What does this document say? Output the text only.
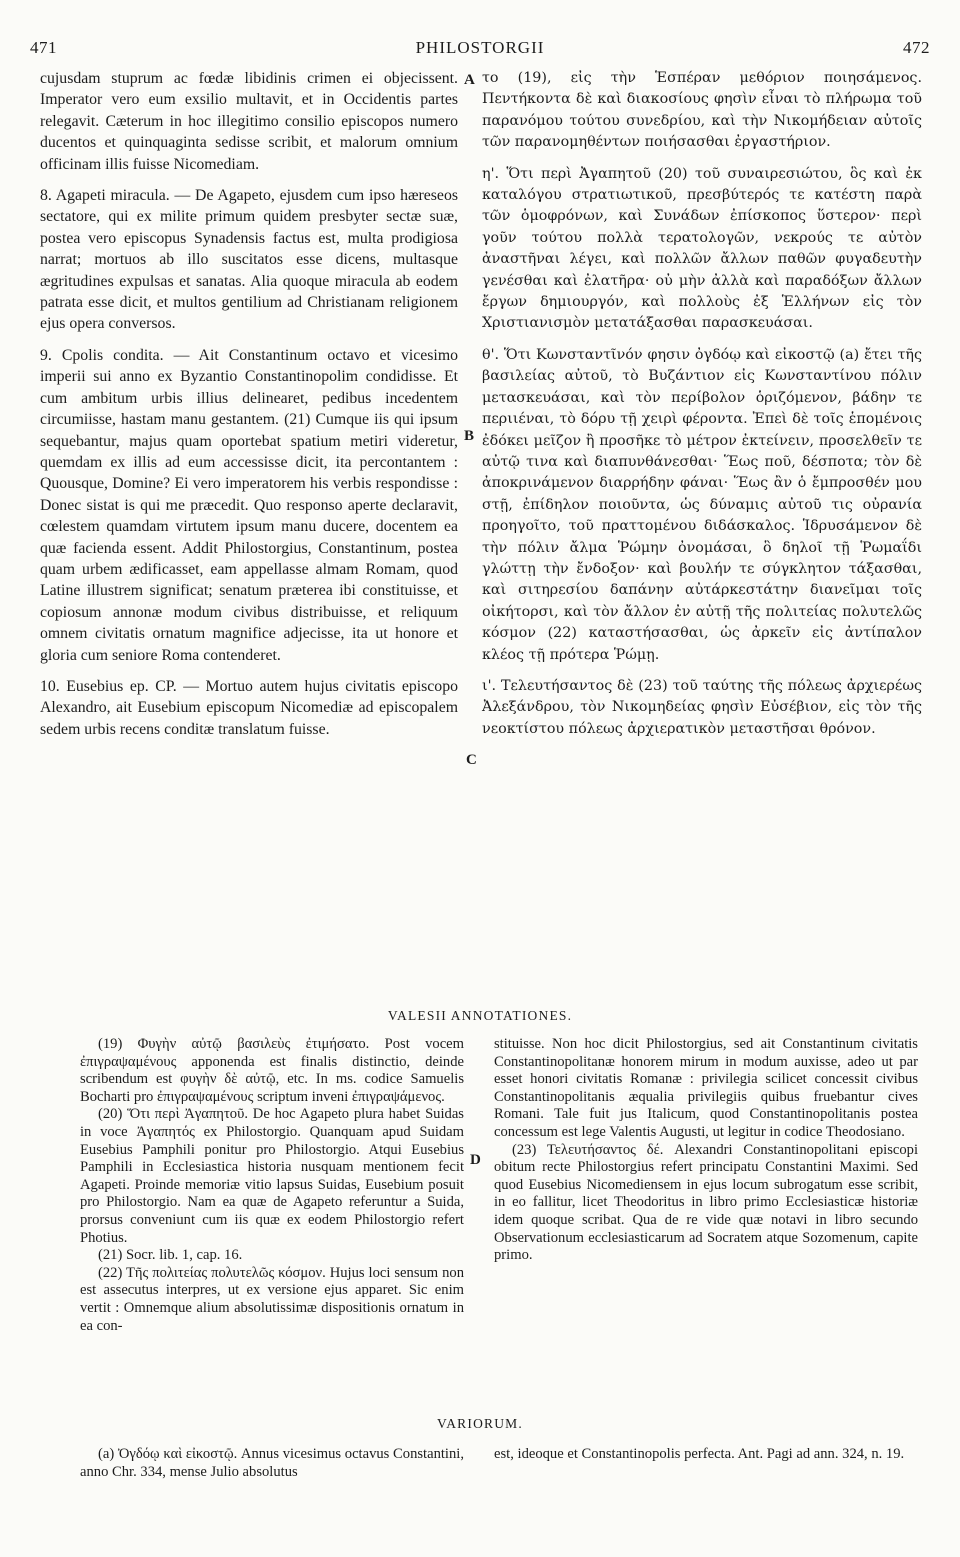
471	PHILOSTORGII	472
A
B
C
D

cujusdam stuprum ac fœdæ libidinis crimen ei objecissent. Imperator vero eum exsilio multavit, et in Occidentis partes relegavit. Cæterum in hoc illegitimo consilio episcopos numero ducentos et quinquaginta sedisse scribit, et malorum omnium officinam illis fuisse Nicomediam.

8. Agapeti miracula. — De Agapeto, ejusdem cum ipso hæreseos sectatore, qui ex milite primum quidem presbyter sectæ suæ, postea vero episcopus Synadensis factus est, multa prodigiosa narrat; mortuos ab illo suscitatos esse dicens, multasque ægritudines expulsas et sanatas. Alia quoque miracula ab eodem patrata esse dicit, et multos gentilium ad Christianam religionem ejus opera conversos.

9. Cpolis condita. — Ait Constantinum octavo et vicesimo imperii sui anno ex Byzantio Constantinopolim condidisse. Et cum ambitum urbis illius delinearet, pedibus incedentem circumiisse, hastam manu gestantem. (21) Cumque iis qui ipsum sequebantur, majus quam oportebat spatium metiri videretur, quemdam ex illis ad eum accessisse dicit, ita percontantem : Quousque, Domine? Ei vero imperatorem his verbis respondisse : Donec sistat is qui me præcedit. Quo responso aperte declaravit, cœlestem quamdam virtutem ipsum manu ducere, docentem ea quæ facienda essent. Addit Philostorgius, Constantinum, postea quam urbem ædificasset, eam appellasse almam Romam, quod Latine illustrem significat; senatum præterea ibi constituisse, et copiosum annonæ modum civibus distribuisse, et reliquum omnem civitatis ornatum magnifice adjecisse, ita ut honore et gloria cum seniore Roma contenderet.

10. Eusebius ep. CP. — Mortuo autem hujus civitatis episcopo Alexandro, ait Eusebium episcopum Nicomediæ ad episcopalem sedem urbis recens conditæ translatum fuisse.

το (19), εἰς τὴν Ἑσπέραν μεθόριον ποιησάμενος. Πεντήκοντα δὲ καὶ διακοσίους φησὶν εἶναι τὸ πλήρωμα τοῦ παρανόμου τούτου συνεδρίου, καὶ τὴν Νικομήδειαν αὐτοῖς τῶν παρανομηθέντων ποιήσασθαι ἐργαστήριον.

η'. Ὅτι περὶ Ἀγαπητοῦ (20) τοῦ συναιρεσιώτου, ὃς καὶ ἐκ καταλόγου στρατιωτικοῦ, πρεσβύτερός τε κατέστη παρὰ τῶν ὁμοφρόνων, καὶ Συνάδων ἐπίσκοπος ὕστερον· περὶ γοῦν τούτου πολλὰ τερατολογῶν, νεκρούς τε αὐτὸν ἀναστῆναι λέγει, καὶ πολλῶν ἄλλων παθῶν φυγαδευτὴν γενέσθαι καὶ ἐλατῆρα· οὐ μὴν ἀλλὰ καὶ παραδόξων ἄλλων ἔργων δημιουργόν, καὶ πολλοὺς ἐξ Ἑλλήνων εἰς τὸν Χριστιανισμὸν μετατάξασθαι παρασκευάσαι.

θ'. Ὅτι Κωνσταντῖνόν φησιν ὀγδόῳ καὶ εἰκοστῷ (a) ἔτει τῆς βασιλείας αὐτοῦ, τὸ Βυζάντιον εἰς Κωνσταντίνου πόλιν μετασκευάσαι, καὶ τὸν περίβολον ὁριζόμενον, βάδην τε περιιέναι, τὸ δόρυ τῇ χειρὶ φέροντα. Ἐπεὶ δὲ τοῖς ἑπομένοις ἐδόκει μεῖζον ἢ προσῆκε τὸ μέτρον ἐκτείνειν, προσελθεῖν τε αὐτῷ τινα καὶ διαπυνθάνεσθαι· Ἕως ποῦ, δέσποτα; τὸν δὲ ἀποκρινάμενον διαρρήδην φάναι· Ἕως ἂν ὁ ἔμπροσθέν μου στῇ, ἐπίδηλον ποιοῦντα, ὡς δύναμις αὐτοῦ τις οὐρανία προηγοῖτο, τοῦ πραττομένου διδάσκαλος. Ἱδρυσάμενον δὲ τὴν πόλιν ἄλμα Ῥώμην ὀνομάσαι, ὃ δηλοῖ τῇ Ῥωμαΐδι γλώττῃ τὴν ἔνδοξον· καὶ βουλήν τε σύγκλητον τάξασθαι, καὶ σιτηρεσίου δαπάνην αὐτάρκεστάτην διανεῖμαι τοῖς οἰκήτορσι, καὶ τὸν ἄλλον ἐν αὐτῇ τῆς πολιτείας πολυτελῶς κόσμον (22) καταστήσασθαι, ὡς ἀρκεῖν εἰς ἀντίπαλον κλέος τῇ πρότερα Ῥώμῃ.

ι'. Τελευτήσαντος δὲ (23) τοῦ ταύτης τῆς πόλεως ἀρχιερέως Ἀλεξάνδρου, τὸν Νικομηδείας φησὶν Εὐσέβιον, εἰς τὸν τῆς νεοκτίστου πόλεως ἀρχιερατικὸν μεταστῆσαι θρόνον.

VALESII ANNOTATIONES.

(19) Φυγὴν αὐτῷ βασιλεὺς ἐτιμήσατο. Post vocem ἐπιγραψαμένους apponenda est finalis distinctio, deinde scribendum est φυγὴν δὲ αὐτῷ, etc. In ms. codice Samuelis Bocharti pro ἐπιγραψαμένους scriptum inveni ἐπιγραψάμενος.

(20) Ὅτι περὶ Ἀγαπητοῦ. De hoc Agapeto plura habet Suidas in voce Ἀγαπητός ex Philostorgio. Quanquam apud Suidam Eusebius Pamphili ponitur pro Philostorgio. Atqui Eusebius Pamphili in Ecclesiastica historia nusquam mentionem fecit Agapeti. Proinde memoriæ vitio lapsus Suidas, Eusebium posuit pro Philostorgio. Nam ea quæ de Agapeto referuntur a Suida, prorsus conveniunt cum iis quæ ex eodem Philostorgio refert Photius.

(21) Socr. lib. 1, cap. 16.

(22) Τῆς πολιτείας πολυτελῶς κόσμον. Hujus loci sensum non est assecutus interpres, ut ex versione ejus apparet. Sic enim vertit : Omnemque alium absolutissimæ dispositionis ornatum in ea con-

stituisse. Non hoc dicit Philostorgius, sed ait Constantinum civitatis Constantinopolitanæ honorem mirum in modum auxisse, adeo ut par esset honori civitatis Romanæ : privilegia scilicet concessit civibus Constantinopolitanis æqualia privilegiis quibus fruebantur cives Romani. Tale fuit jus Italicum, quod Constantinopolitanis postea concessum est lege Valentis Augusti, ut legitur in codice Theodosiano.

(23) Τελευτήσαντος δέ. Alexandri Constantinopolitani episcopi obitum recte Philostorgius refert principatu Constantini Maximi. Sed quod Eusebius Nicomediensem in ejus locum subrogatum esse scribit, in eo fallitur, licet Theodoritus in libro primo Ecclesiasticæ historiæ idem quoque scribat. Qua de re vide quæ notavi in libro secundo Observationum ecclesiasticarum ad Socratem atque Sozomenum, capite primo.

VARIORUM.

(a) Ὀγδόῳ καὶ εἰκοστῷ. Annus vicesimus octavus Constantini, anno Chr. 334, mense Julio absolutus

est, ideoque et Constantinopolis perfecta. Ant. Pagi ad ann. 324, n. 19.
